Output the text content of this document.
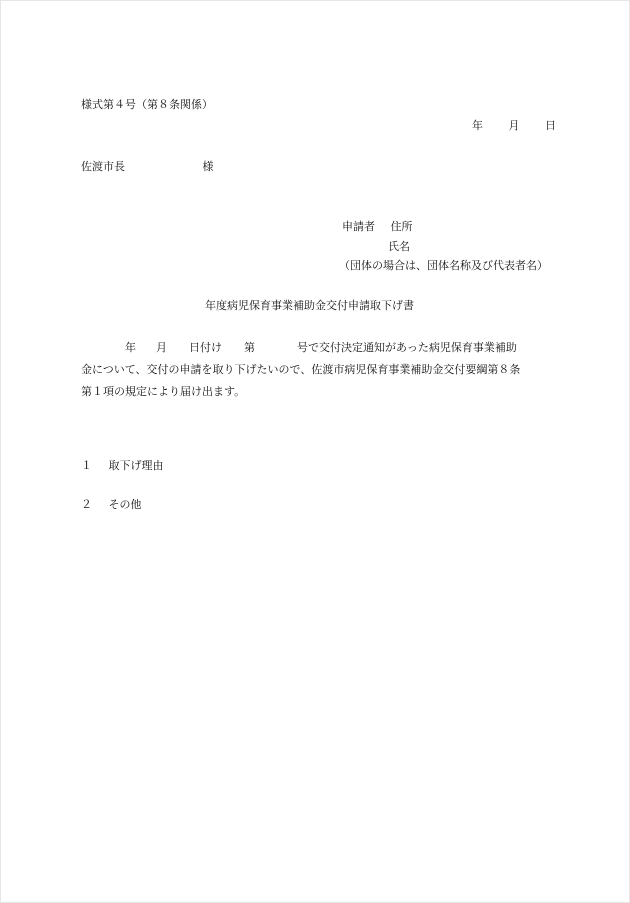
様式第４号（第８条関係）
年 月 日
佐渡市長	様
申請者 住所
氏名
（団体の場合は、団体名称及び代表者名）
年度病児保育事業補助金交付申請取下げ書
年 月 日付け 第	号で交付決定通知があった病児保育事業補助
金について、交付の申請を取り下げたいので、佐渡市病児保育事業補助金交付要綱第８条
第１項の規定により届け出ます。
１ 取下げ理由
２ その他
